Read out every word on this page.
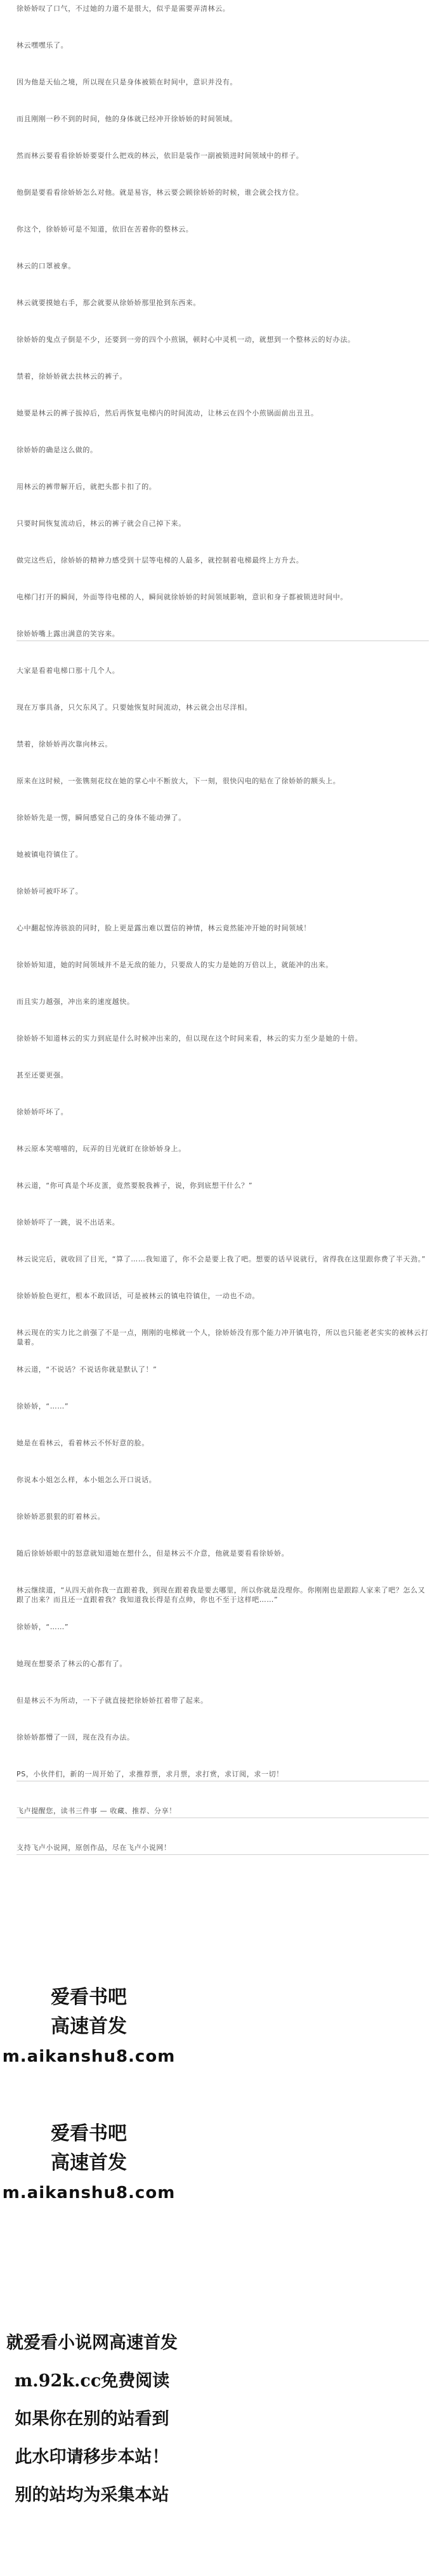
徐娇娇叹了口气，不过她的力道不是很大，似乎是需要弄清林云。

林云嘿嘿乐了。

因为他是天仙之境，所以现在只是身体被锁在时间中，意识并没有。

而且刚刚一秒不到的时间，他的身体就已经冲开徐娇娇的时间领域。

然而林云要看看徐娇娇要耍什么把戏的林云，依旧是装作一副被锁进时间领域中的样子。

他倒是要看看徐娇娇怎么对他。就是易容，林云要会顾徐娇娇的时候，谁会就会找方位。

你这个，徐娇娇可是不知道，依旧在苦着你的整林云。

林云的口罩被拿。

林云就要摸她右手，那会就要从徐娇娇那里抢到东西来。

徐娇娇的鬼点子倒是不少，还要到一旁的四个小煎锅，顿时心中灵机一动，就想到一个整林云的好办法。

禁着，徐娇娇就去扶林云的裤子。

她要是林云的裤子拔掉后，然后再恢复电梯内的时间流动，让林云在四个小煎锅面前出丑丑。

徐娇娇的确是这么做的。

用林云的裤带解开后，就把头都卡扣了的。

只要时间恢复流动后，林云的裤子就会自己掉下来。

做完这些后，徐娇娇的精神力感受到十层等电梯的人最多，就控制着电梯最终上方升去。

电梯门打开的瞬间，外面等待电梯的人，瞬间就徐娇娇的时间领域影响，意识和身子都被锁进时间中。

徐娇娇嘴上露出满意的笑容来。

大家是看着电梯口那十几个人。

现在万事具备，只欠东风了。只要她恢复时间流动，林云就会出尽洋相。

禁着，徐娇娇再次靠向林云。

原来在这时候，一张镌刻花纹在她的掌心中不断放大，下一刻，很快闪电的贴在了徐娇娇的额头上。

徐娇娇先是一愣，瞬间感觉自己的身体不能动弹了。

她被镇电符镇住了。

徐娇娇可被吓坏了。

心中翻起惊涛骇浪的同时，脸上更是露出难以置信的神情，林云竟然能冲开她的时间领域！

徐娇娇知道，她的时间领域并不是无敌的能力，只要敌人的实力是她的万倍以上，就能冲的出来。

而且实力越强，冲出来的速度越快。

徐娇娇不知道林云的实力到底是什么时候冲出来的，但以现在这个时间来看，林云的实力至少是她的十倍。

甚至还要更强。

徐娇娇吓坏了。

林云原本笑嘻嘻的，玩弄的目光就盯在徐娇娇身上。

林云道，“你可真是个坏皮蛋，竟然要脱我裤子，说，你到底想干什么？”

徐娇娇吓了一跳，说不出话来。

林云说完后，就收回了目光，“算了……我知道了，你不会是要上我了吧。想要的话早说就行，省得我在这里跟你费了半天劲。”

徐娇娇脸色更红，根本不敢回话，可是被林云的镇电符镇住，一动也不动。

林云现在的实力比之前强了不是一点，刚刚的电梯就一个人，徐娇娇没有那个能力冲开镇电符，所以也只能老老实实的被林云打量着。

林云道，“不说话？不说话你就是默认了！”

徐娇娇，“……”

她是在看林云，看着林云不怀好意的脸。

你说本小姐怎么样，本小姐怎么开口说话。

徐娇娇恶狠狠的盯着林云。

随后徐娇娇眼中的怒意就知道她在想什么，但是林云不介意，他就是要看看徐娇娇。

林云继续道，“从四天前你我一直跟着我，到现在跟着我是要去哪里，所以你就是没理你。你刚刚也是跟踪人家来了吧？怎么又跟了出来？而且还一直跟着我？我知道我长得是有点帅，你也不至于这样吧……”

徐娇娇，“……”

她现在想要杀了林云的心都有了。

但是林云不为所动，一下子就直接把徐娇娇扛着带了起来。

徐娇娇都懵了一回，现在没有办法。

PS，小伙伴们，新的一周开始了，求推荐票，求月票，求打赏，求订阅，求一切！

飞卢提醒您，读书三件事 — 收藏、推荐、分享！

支持飞卢小说网，原创作品，尽在飞卢小说网！

爱看书吧
高速首发
m.aikanshu8.com
爱看书吧
高速首发
m.aikanshu8.com
就爱看小说网高速首发
m.92k.cc免费阅读
如果你在别的站看到
此水印请移步本站！
别的站均为采集本站
